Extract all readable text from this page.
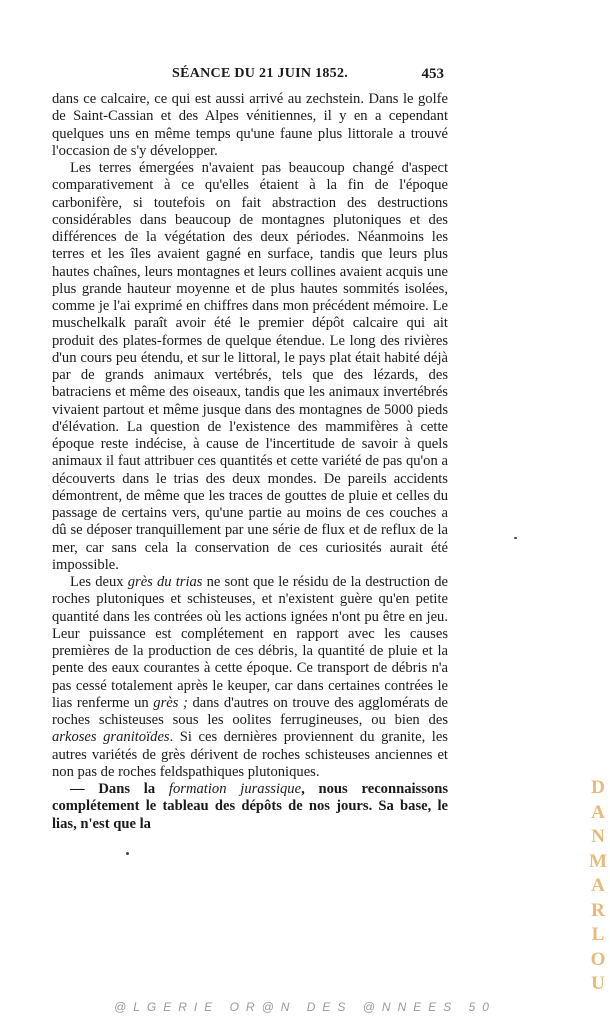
SÉANCE DU 21 JUIN 1852.	453

dans ce calcaire, ce qui est aussi arrivé au zechstein. Dans le golfe de Saint-Cassian et des Alpes vénitiennes, il y en a cependant quelques uns en même temps qu'une faune plus littorale a trouvé l'occasion de s'y développer.

Les terres émergées n'avaient pas beaucoup changé d'aspect comparativement à ce qu'elles étaient à la fin de l'époque carbonifère, si toutefois on fait abstraction des destructions considérables dans beaucoup de montagnes plutoniques et des différences de la végétation des deux périodes. Néanmoins les terres et les îles avaient gagné en surface, tandis que leurs plus hautes chaînes, leurs montagnes et leurs collines avaient acquis une plus grande hauteur moyenne et de plus hautes sommités isolées, comme je l'ai exprimé en chiffres dans mon précédent mémoire. Le muschelkalk paraît avoir été le premier dépôt calcaire qui ait produit des plates-formes de quelque étendue. Le long des rivières d'un cours peu étendu, et sur le littoral, le pays plat était habité déjà par de grands animaux vertébrés, tels que des lézards, des batraciens et même des oiseaux, tandis que les animaux invertébrés vivaient partout et même jusque dans des montagnes de 5000 pieds d'élévation. La question de l'existence des mammifères à cette époque reste indécise, à cause de l'incertitude de savoir à quels animaux il faut attribuer ces quantités et cette variété de pas qu'on a découverts dans le trias des deux mondes. De pareils accidents démontrent, de même que les traces de gouttes de pluie et celles du passage de certains vers, qu'une partie au moins de ces couches a dû se déposer tranquillement par une série de flux et de reflux de la mer, car sans cela la conservation de ces curiosités aurait été impossible.

Les deux grès du trias ne sont que le résidu de la destruction de roches plutoniques et schisteuses, et n'existent guère qu'en petite quantité dans les contrées où les actions ignées n'ont pu être en jeu. Leur puissance est complétement en rapport avec les causes premières de la production de ces débris, la quantité de pluie et la pente des eaux courantes à cette époque. Ce transport de débris n'a pas cessé totalement après le keuper, car dans certaines contrées le lias renferme un grès ; dans d'autres on trouve des agglomérats de roches schisteuses sous les oolites ferrugineuses, ou bien des arkoses granitoïdes. Si ces dernières proviennent du granite, les autres variétés de grès dérivent de roches schisteuses anciennes et non pas de roches feldspathiques plutoniques.

— Dans la formation jurassique, nous reconnaissons complétement le tableau des dépôts de nos jours. Sa base, le lias, n'est que la

D
A
N
M
A
R
L
O
U
@LGERIE OR@N DES @NNEES 50
